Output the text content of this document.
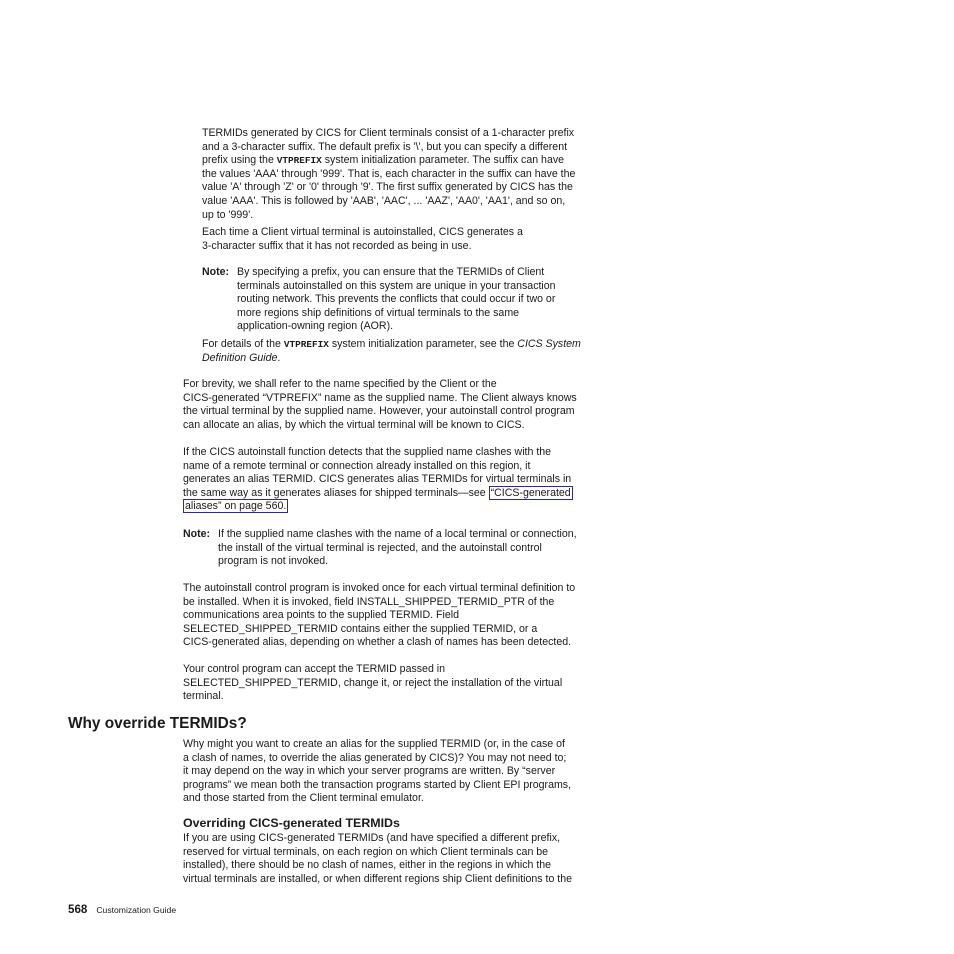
TERMIDs generated by CICS for Client terminals consist of a 1-character prefix
and a 3-character suffix. The default prefix is '\', but you can specify a different
prefix using the VTPREFIX system initialization parameter. The suffix can have
the values 'AAA' through '999'. That is, each character in the suffix can have the
value 'A' through 'Z' or '0' through '9'. The first suffix generated by CICS has the
value 'AAA'. This is followed by 'AAB', 'AAC', ... 'AAZ', 'AA0', 'AA1', and so on,
up to '999'.
Each time a Client virtual terminal is autoinstalled, CICS generates a
3-character suffix that it has not recorded as being in use.
Note: By specifying a prefix, you can ensure that the TERMIDs of Client
terminals autoinstalled on this system are unique in your transaction
routing network. This prevents the conflicts that could occur if two or
more regions ship definitions of virtual terminals to the same
application-owning region (AOR).
For details of the VTPREFIX system initialization parameter, see the CICS System
Definition Guide.
For brevity, we shall refer to the name specified by the Client or the
CICS-generated “VTPREFIX” name as the supplied name. The Client always knows
the virtual terminal by the supplied name. However, your autoinstall control program
can allocate an alias, by which the virtual terminal will be known to CICS.
If the CICS autoinstall function detects that the supplied name clashes with the
name of a remote terminal or connection already installed on this region, it
generates an alias TERMID. CICS generates alias TERMIDs for virtual terminals in
the same way as it generates aliases for shipped terminals—see “CICS-generated
aliases” on page 560.
Note: If the supplied name clashes with the name of a local terminal or connection,
the install of the virtual terminal is rejected, and the autoinstall control
program is not invoked.
The autoinstall control program is invoked once for each virtual terminal definition to
be installed. When it is invoked, field INSTALL_SHIPPED_TERMID_PTR of the
communications area points to the supplied TERMID. Field
SELECTED_SHIPPED_TERMID contains either the supplied TERMID, or a
CICS-generated alias, depending on whether a clash of names has been detected.
Your control program can accept the TERMID passed in
SELECTED_SHIPPED_TERMID, change it, or reject the installation of the virtual
terminal.
Why override TERMIDs?
Why might you want to create an alias for the supplied TERMID (or, in the case of
a clash of names, to override the alias generated by CICS)? You may not need to;
it may depend on the way in which your server programs are written. By “server
programs” we mean both the transaction programs started by Client EPI programs,
and those started from the Client terminal emulator.
Overriding CICS-generated TERMIDs
If you are using CICS-generated TERMIDs (and have specified a different prefix,
reserved for virtual terminals, on each region on which Client terminals can be
installed), there should be no clash of names, either in the regions in which the
virtual terminals are installed, or when different regions ship Client definitions to the
568 Customization Guide
